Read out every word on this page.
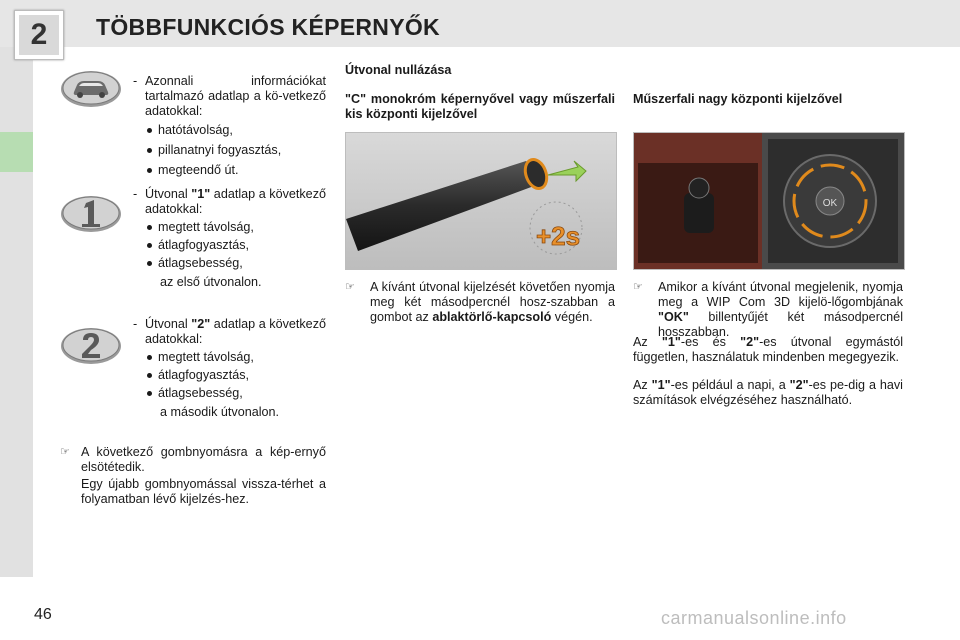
2 TÖBBFUNKCIÓS KÉPERNYŐK
- Azonnali információkat tartalmazó adatlap a kö-vetkező adatokkal:

hatótávolság,

pillanatnyi fogyasztás,

megteendő út.

- Útvonal "1" adatlap a következő adatokkal:

megtett távolság,

átlagfogyasztás,

átlagsebesség,

az első útvonalon.

- Útvonal "2" adatlap a következő adatokkal:

megtett távolság,

átlagfogyasztás,

átlagsebesség,

a második útvonalon.

☞ A következő gombnyomásra a kép-ernyő elsötétedik.

Egy újabb gombnyomással vissza-térhet a folyamatban lévő kijelzés-hez.

Útvonal nullázása
"C" monokróm képernyővel vagy műszerfali kis központi kijelzővel
+2s
☞	A kívánt útvonal kijelzését követően nyomja meg két másodpercnél hosz-szabban a gombot az ablaktörlő-kapcsoló végén.

Műszerfali nagy központi kijelzővel
OK
☞	Amikor a kívánt útvonal megjelenik, nyomja meg a WIP Com 3D kijelö-lőgombjának "OK" billentyűjét két másodpercnél hosszabban.

Az "1"-es és "2"-es útvonal egymástól független, használatuk mindenben megegyezik.

Az "1"-es például a napi, a "2"-es pe-dig a havi számítások elvégzéséhez használható.

46	carmanualsonline.info
